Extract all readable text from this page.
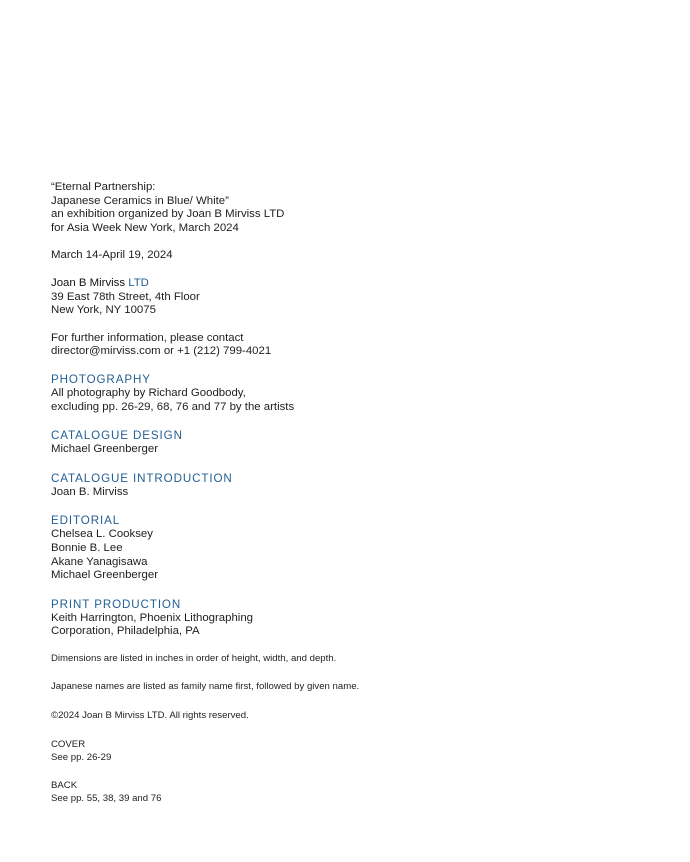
“Eternal Partnership:
Japanese Ceramics in Blue/ White”
an exhibition organized by Joan B Mirviss LTD
for Asia Week New York, March 2024
March 14-April 19, 2024
Joan B Mirviss LTD
39 East 78th Street, 4th Floor
New York, NY 10075
For further information, please contact
director@mirviss.com or +1 (212) 799-4021
PHOTOGRAPHY
All photography by Richard Goodbody,
excluding pp. 26-29, 68, 76 and 77 by the artists
CATALOGUE DESIGN
Michael Greenberger
CATALOGUE INTRODUCTION
Joan B. Mirviss
EDITORIAL
Chelsea L. Cooksey
Bonnie B. Lee
Akane Yanagisawa
Michael Greenberger
PRINT PRODUCTION
Keith Harrington, Phoenix Lithographing
Corporation, Philadelphia, PA
Dimensions are listed in inches in order of height, width, and depth.
Japanese names are listed as family name first, followed by given name.
©2024 Joan B Mirviss LTD. All rights reserved.
COVER
See pp. 26-29
BACK
See pp. 55, 38, 39 and 76
